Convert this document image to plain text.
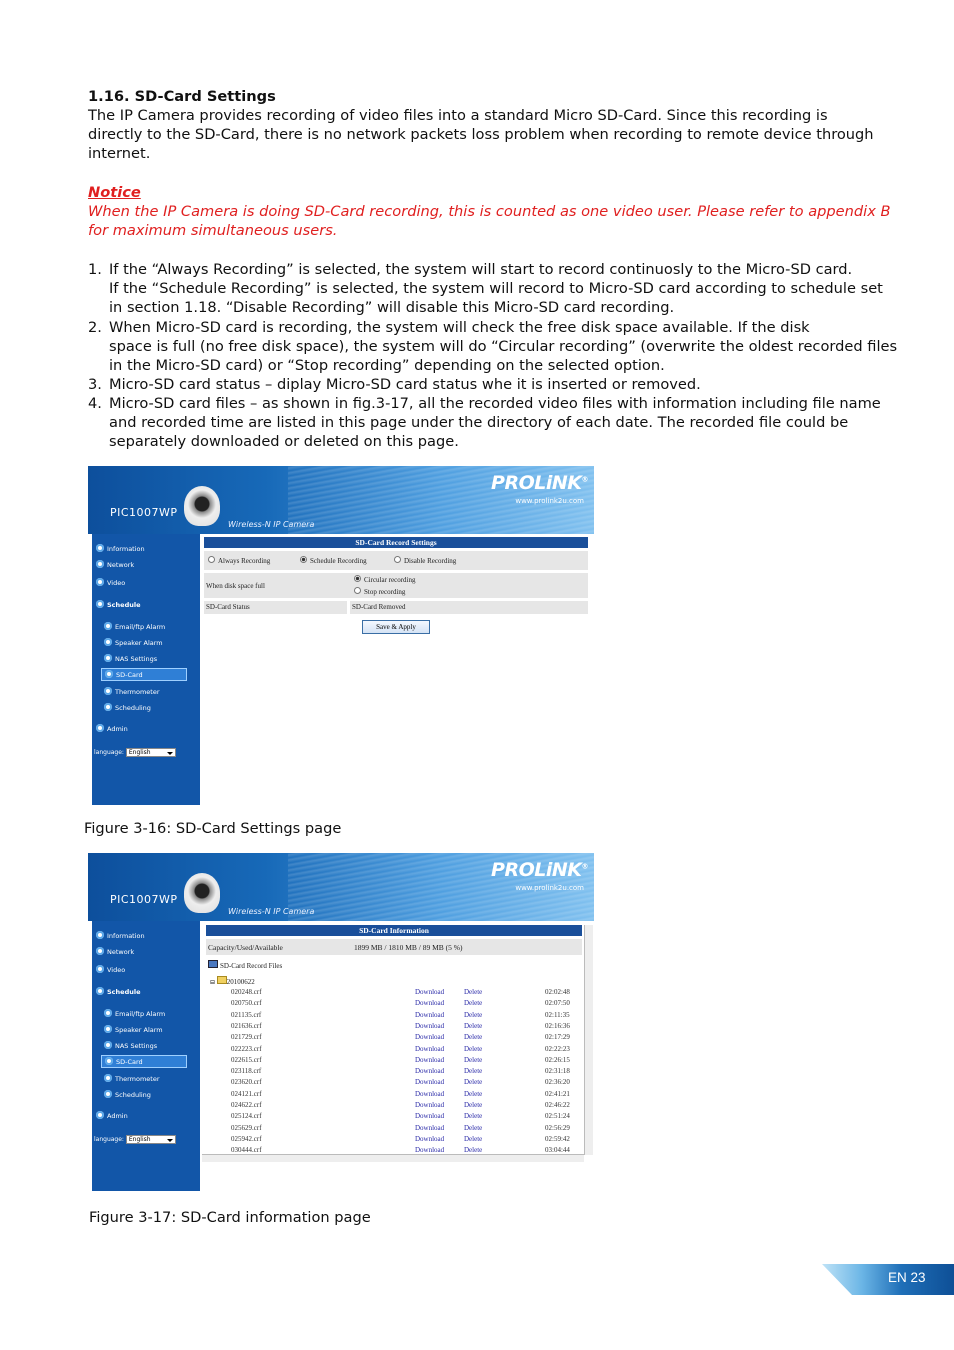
1.16. SD-Card Settings
The IP Camera provides recording of video files into a standard Micro SD-Card. Since this recording is
directly to the SD-Card, there is no network packets loss problem when recording to remote device through
internet.
Notice
When the IP Camera is doing SD-Card recording, this is counted as one video user. Please refer to appendix B
for maximum simultaneous users.
1. If the “Always Recording” is selected, the system will start to record continuosly to the Micro-SD card.
If the “Schedule Recording” is selected, the system will record to Micro-SD card according to schedule set
in section 1.18. “Disable Recording” will disable this Micro-SD card recording.
2. When Micro-SD card is recording, the system will check the free disk space available. If the disk
space is full (no free disk space), the system will do “Circular recording” (overwrite the oldest recorded files
in the Micro-SD card) or “Stop recording” depending on the selected option.
3. Micro-SD card status – diplay Micro-SD card status whe it is inserted or removed.
4. Micro-SD card files – as shown in fig.3-17, all the recorded video files with information including file name
and recorded time are listed in this page under the directory of each date. The recorded file could be
separately downloaded or deleted on this page.
PIC1007WP
Wireless-N IP Camera
PROLiNK®
www.prolink2u.com
Information
Network
Video
Schedule
Email/ftp Alarm
Speaker Alarm
NAS Settings
SD-Card
Thermometer
Scheduling
Admin
language: English
SD-Card Record Settings
Always Recording	Schedule Recording	Disable Recording
When disk space full
Circular recording
Stop recording
SD-Card Status	SD-Card Removed
Save & Apply
Figure 3-16: SD-Card Settings page
PIC1007WP
Wireless-N IP Camera
PROLiNK®
www.prolink2u.com
Information
Network
Video
Schedule
Email/ftp Alarm
Speaker Alarm
NAS Settings
SD-Card
Thermometer
Scheduling
Admin
language: English
SD-Card Information
Capacity/Used/Available	1899 MB / 1810 MB / 89 MB (5 %)
SD-Card Record Files
⊟ 20100622
020248.crf	Download	Delete	02:02:48
020750.crf	Download	Delete	02:07:50
021135.crf	Download	Delete	02:11:35
021636.crf	Download	Delete	02:16:36
021729.crf	Download	Delete	02:17:29
022223.crf	Download	Delete	02:22:23
022615.crf	Download	Delete	02:26:15
023118.crf	Download	Delete	02:31:18
023620.crf	Download	Delete	02:36:20
024121.crf	Download	Delete	02:41:21
024622.crf	Download	Delete	02:46:22
025124.crf	Download	Delete	02:51:24
025629.crf	Download	Delete	02:56:29
025942.crf	Download	Delete	02:59:42
030444.crf	Download	Delete	03:04:44
Figure 3-17: SD-Card information page
EN 23
